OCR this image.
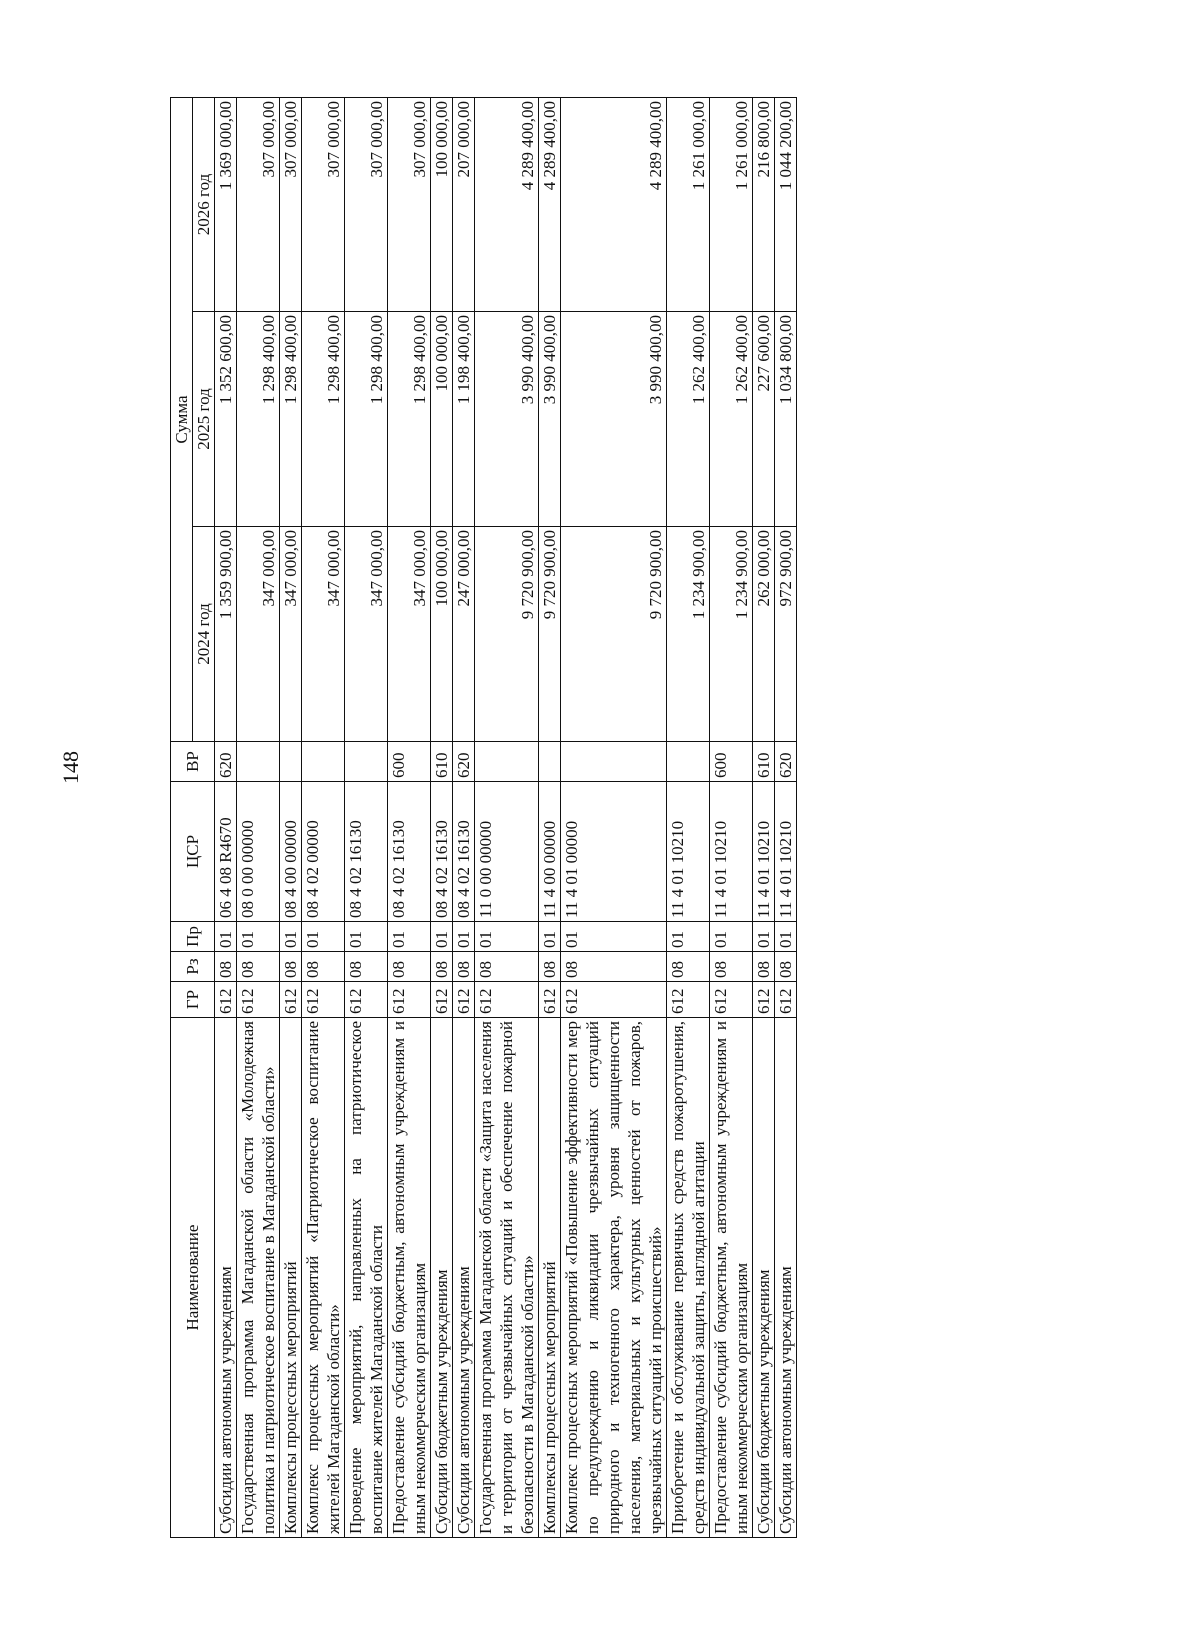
148
Наименование	ГР	Рз	Пр	ЦСР	ВР	Сумма		
						2024 год	2025 год	2026 год
Субсидии автономным учреждениям	612	08	01	06 4 08 R4670	620	1 359 900,00	1 352 600,00	1 369 000,00
Государственная программа Магаданской области «Молодежная политика и патриотическое воспитание в Магаданской области»	612	08	01	08 0 00 00000		347 000,00	1 298 400,00	307 000,00
Комплексы процессных мероприятий	612	08	01	08 4 00 00000		347 000,00	1 298 400,00	307 000,00
Комплекс процессных мероприятий «Патриотическое воспитание жителей Магаданской области»	612	08	01	08 4 02 00000		347 000,00	1 298 400,00	307 000,00
Проведение мероприятий, направленных на патриотическое воспитание жителей Магаданской области	612	08	01	08 4 02 16130		347 000,00	1 298 400,00	307 000,00
Предоставление субсидий бюджетным, автономным учреждениям и иным некоммерческим организациям	612	08	01	08 4 02 16130	600	347 000,00	1 298 400,00	307 000,00
Субсидии бюджетным учреждениям	612	08	01	08 4 02 16130	610	100 000,00	100 000,00	100 000,00
Субсидии автономным учреждениям	612	08	01	08 4 02 16130	620	247 000,00	1 198 400,00	207 000,00
Государственная программа Магаданской области «Защита населения и территории от чрезвычайных ситуаций и обеспечение пожарной безопасности в Магаданской области»	612	08	01	11 0 00 00000		9 720 900,00	3 990 400,00	4 289 400,00
Комплексы процессных мероприятий	612	08	01	11 4 00 00000		9 720 900,00	3 990 400,00	4 289 400,00
Комплекс процессных мероприятий «Повышение эффективности мер по предупреждению и ликвидации чрезвычайных ситуаций природного и техногенного характера, уровня защищенности населения, материальных и культурных ценностей от пожаров, чрезвычайных ситуаций и происшествий»	612	08	01	11 4 01 00000		9 720 900,00	3 990 400,00	4 289 400,00
Приобретение и обслуживание первичных средств пожаротушения, средств индивидуальной защиты, наглядной агитации	612	08	01	11 4 01 10210		1 234 900,00	1 262 400,00	1 261 000,00
Предоставление субсидий бюджетным, автономным учреждениям и иным некоммерческим организациям	612	08	01	11 4 01 10210	600	1 234 900,00	1 262 400,00	1 261 000,00
Субсидии бюджетным учреждениям	612	08	01	11 4 01 10210	610	262 000,00	227 600,00	216 800,00
Субсидии автономным учреждениям	612	08	01	11 4 01 10210	620	972 900,00	1 034 800,00	1 044 200,00
